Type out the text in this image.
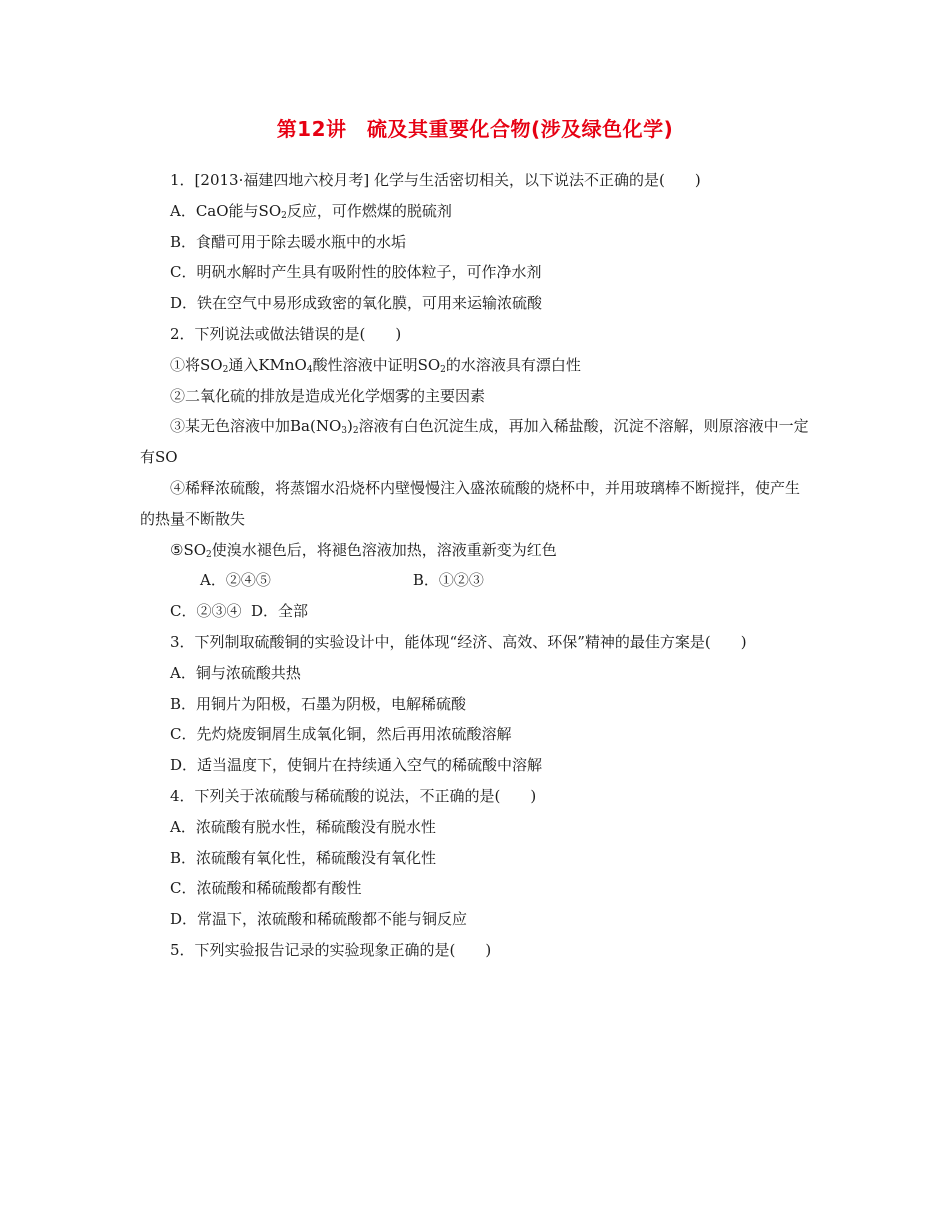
第12讲　硫及其重要化合物(涉及绿色化学)

1．[2013·福建四地六校月考] 化学与生活密切相关，以下说法不正确的是(　　)

A．CaO能与$SO_2$反应，可作燃煤的脱硫剂

B．食醋可用于除去暖水瓶中的水垢

C．明矾水解时产生具有吸附性的胶体粒子，可作净水剂

D．铁在空气中易形成致密的氧化膜，可用来运输浓硫酸

2．下列说法或做法错误的是(　　)

①将$SO_2$通入KMnO$_4$酸性溶液中证明$SO_2$的水溶液具有漂白性

②二氧化硫的排放是造成光化学烟雾的主要因素

③某无色溶液中加$Ba(NO_3)_2$溶液有白色沉淀生成，再加入稀盐酸，沉淀不溶解，则原溶液中一定有SO

④稀释浓硫酸，将蒸馏水沿烧杯内壁慢慢注入盛浓硫酸的烧杯中，并用玻璃棒不断搅拌，使产生的热量不断散失

$⑤SO_2$使溴水褪色后，将褪色溶液加热，溶液重新变为红色

A．②④⑤	B．①②③

C．②③④ D．全部

3．下列制取硫酸铜的实验设计中，能体现“经济、高效、环保”精神的最佳方案是(　　)

A．铜与浓硫酸共热

B．用铜片为阳极，石墨为阴极，电解稀硫酸

C．先灼烧废铜屑生成氧化铜，然后再用浓硫酸溶解

D．适当温度下，使铜片在持续通入空气的稀硫酸中溶解

4．下列关于浓硫酸与稀硫酸的说法，不正确的是(　　)

A．浓硫酸有脱水性，稀硫酸没有脱水性

B．浓硫酸有氧化性，稀硫酸没有氧化性

C．浓硫酸和稀硫酸都有酸性

D．常温下，浓硫酸和稀硫酸都不能与铜反应

5．下列实验报告记录的实验现象正确的是(　　)
